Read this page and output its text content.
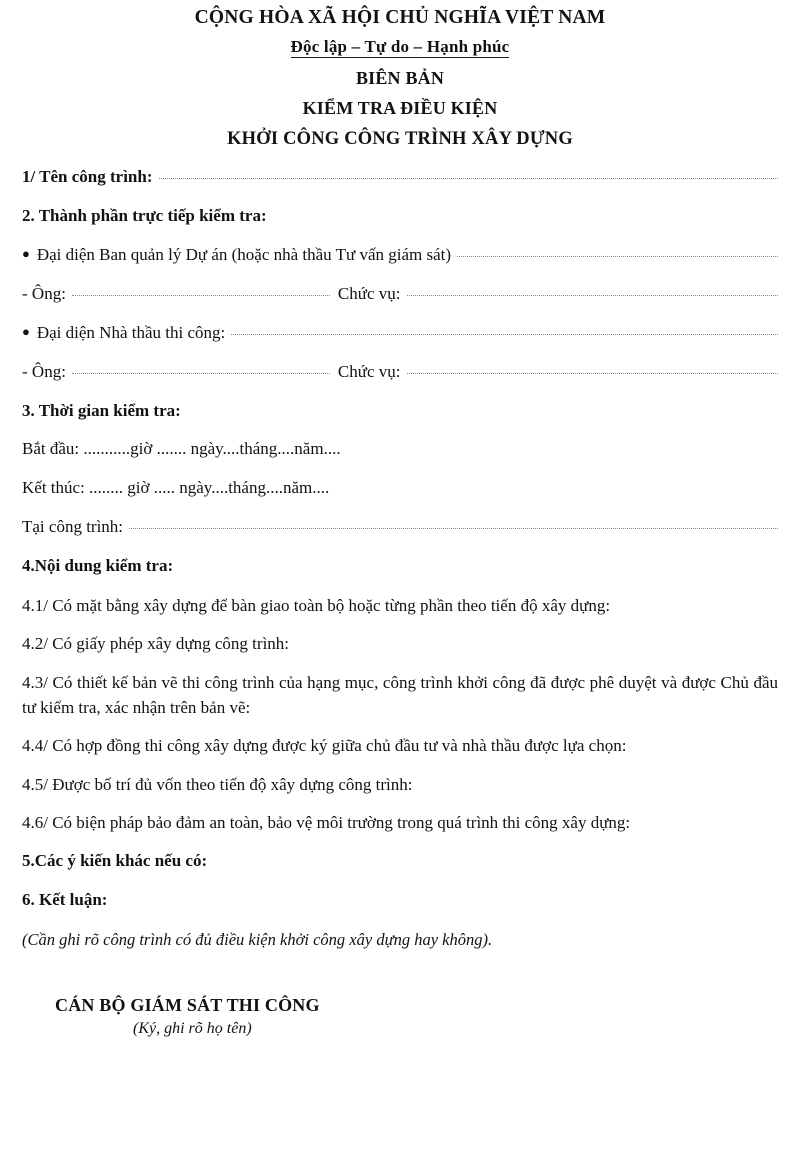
CỘNG HÒA XÃ HỘI CHỦ NGHĨA VIỆT NAM
Độc lập – Tự do – Hạnh phúc
BIÊN BẢN
KIỂM TRA ĐIỀU KIỆN
KHỞI CÔNG CÔNG TRÌNH XÂY DỰNG
1/ Tên công trình:
2. Thành phần trực tiếp kiểm tra:
● Đại diện Ban quản lý Dự án (hoặc nhà thầu Tư vấn giám sát)
- Ông:	Chức vụ:
● Đại diện Nhà thầu thi công:
- Ông:	Chức vụ:
3. Thời gian kiểm tra:
Bắt đầu: ...........giờ ....... ngày....tháng....năm....
Kết thúc: ........ giờ ..... ngày....tháng....năm....
Tại công trình:
4.Nội dung kiểm tra:
4.1/ Có mặt bằng xây dựng để bàn giao toàn bộ hoặc từng phần theo tiến độ xây dựng:
4.2/ Có giấy phép xây dựng công trình:
4.3/ Có thiết kế bản vẽ thi công trình của hạng mục, công trình khởi công đã được phê duyệt và được Chủ đầu tư kiểm tra, xác nhận trên bản vẽ:
4.4/ Có hợp đồng thi công xây dựng được ký giữa chủ đầu tư và nhà thầu được lựa chọn:
4.5/ Được bố trí đủ vốn theo tiến độ xây dựng công trình:
4.6/ Có biện pháp bảo đảm an toàn, bảo vệ môi trường trong quá trình thi công xây dựng:
5.Các ý kiến khác nếu có:
6. Kết luận:
(Cần ghi rõ công trình có đủ điều kiện khởi công xây dựng hay không).
CÁN BỘ GIÁM SÁT THI CÔNG
(Ký, ghi rõ họ tên)
